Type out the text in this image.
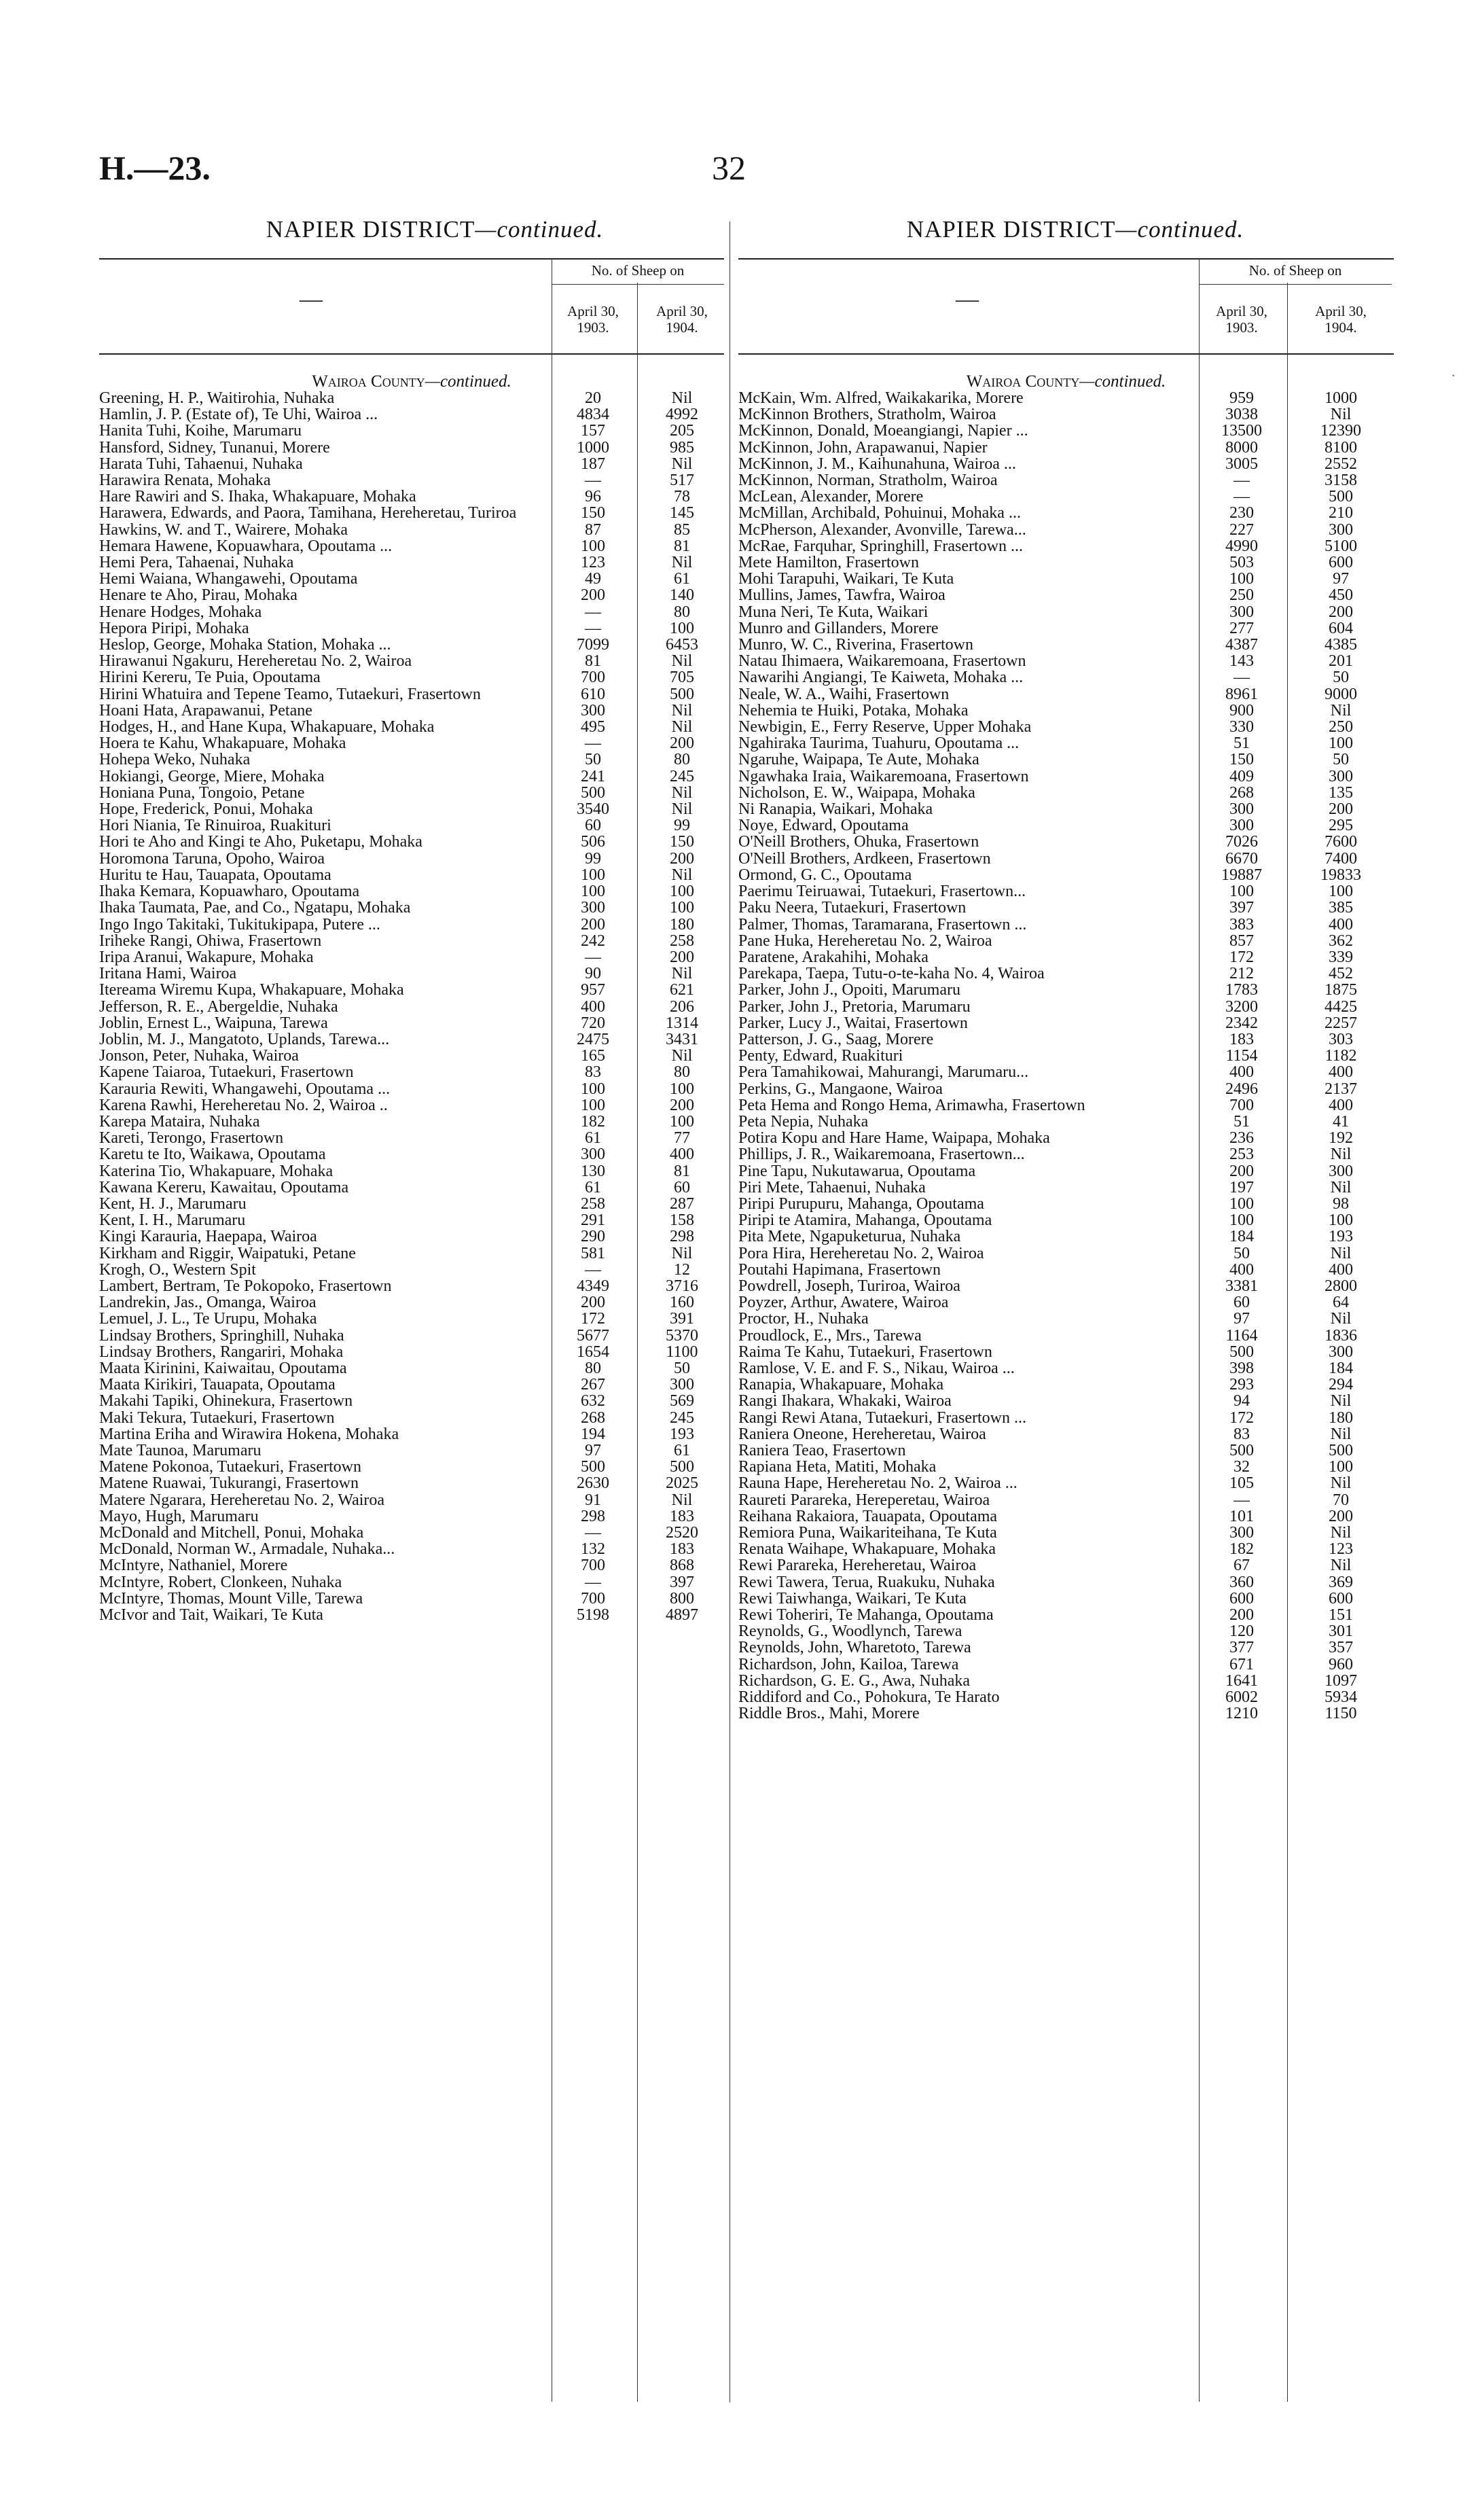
H.—23.	32
NAPIER DISTRICT—continued.	NAPIER DISTRICT—continued.
·
—
No. of Sheep on
April 30,
1903.
April 30,
1904.
Wairoa County—continued.
Greening, H. P., Waitirohia, Nuhaka	20	Nil
Hamlin, J. P. (Estate of), Te Uhi, Wairoa ...	4834	4992
Hanita Tuhi, Koihe, Marumaru	157	205
Hansford, Sidney, Tunanui, Morere	1000	985
Harata Tuhi, Tahaenui, Nuhaka	187	Nil
Harawira Renata, Mohaka	—	517
Hare Rawiri and S. Ihaka, Whakapuare, Mohaka	96	78
Harawera, Edwards, and Paora, Tamihana, Hereheretau, Turiroa	150	145
Hawkins, W. and T., Wairere, Mohaka	87	85
Hemara Hawene, Kopuawhara, Opoutama ...	100	81
Hemi Pera, Tahaenai, Nuhaka	123	Nil
Hemi Waiana, Whangawehi, Opoutama	49	61
Henare te Aho, Pirau, Mohaka	200	140
Henare Hodges, Mohaka	—	80
Hepora Piripi, Mohaka	—	100
Heslop, George, Mohaka Station, Mohaka ...	7099	6453
Hirawanui Ngakuru, Hereheretau No. 2, Wairoa	81	Nil
Hirini Kereru, Te Puia, Opoutama	700	705
Hirini Whatuira and Tepene Teamo, Tutaekuri, Frasertown	610	500
Hoani Hata, Arapawanui, Petane	300	Nil
Hodges, H., and Hane Kupa, Whakapuare, Mohaka	495	Nil
Hoera te Kahu, Whakapuare, Mohaka	—	200
Hohepa Weko, Nuhaka	50	80
Hokiangi, George, Miere, Mohaka	241	245
Honiana Puna, Tongoio, Petane	500	Nil
Hope, Frederick, Ponui, Mohaka	3540	Nil
Hori Niania, Te Rinuiroa, Ruakituri	60	99
Hori te Aho and Kingi te Aho, Puketapu, Mohaka	506	150
Horomona Taruna, Opoho, Wairoa	99	200
Huritu te Hau, Tauapata, Opoutama	100	Nil
Ihaka Kemara, Kopuawharo, Opoutama	100	100
Ihaka Taumata, Pae, and Co., Ngatapu, Mohaka	300	100
Ingo Ingo Takitaki, Tukitukipapa, Putere ...	200	180
Iriheke Rangi, Ohiwa, Frasertown	242	258
Iripa Aranui, Wakapure, Mohaka	—	200
Iritana Hami, Wairoa	90	Nil
Itereama Wiremu Kupa, Whakapuare, Mohaka	957	621
Jefferson, R. E., Abergeldie, Nuhaka	400	206
Joblin, Ernest L., Waipuna, Tarewa	720	1314
Joblin, M. J., Mangatoto, Uplands, Tarewa...	2475	3431
Jonson, Peter, Nuhaka, Wairoa	165	Nil
Kapene Taiaroa, Tutaekuri, Frasertown	83	80
Karauria Rewiti, Whangawehi, Opoutama ...	100	100
Karena Rawhi, Hereheretau No. 2, Wairoa ..	100	200
Karepa Mataira, Nuhaka	182	100
Kareti, Terongo, Frasertown	61	77
Karetu te Ito, Waikawa, Opoutama	300	400
Katerina Tio, Whakapuare, Mohaka	130	81
Kawana Kereru, Kawaitau, Opoutama	61	60
Kent, H. J., Marumaru	258	287
Kent, I. H., Marumaru	291	158
Kingi Karauria, Haepapa, Wairoa	290	298
Kirkham and Riggir, Waipatuki, Petane	581	Nil
Krogh, O., Western Spit	—	12
Lambert, Bertram, Te Pokopoko, Frasertown	4349	3716
Landrekin, Jas., Omanga, Wairoa	200	160
Lemuel, J. L., Te Urupu, Mohaka	172	391
Lindsay Brothers, Springhill, Nuhaka	5677	5370
Lindsay Brothers, Rangariri, Mohaka	1654	1100
Maata Kirinini, Kaiwaitau, Opoutama	80	50
Maata Kirikiri, Tauapata, Opoutama	267	300
Makahi Tapiki, Ohinekura, Frasertown	632	569
Maki Tekura, Tutaekuri, Frasertown	268	245
Martina Eriha and Wirawira Hokena, Mohaka	194	193
Mate Taunoa, Marumaru	97	61
Matene Pokonoa, Tutaekuri, Frasertown	500	500
Matene Ruawai, Tukurangi, Frasertown	2630	2025
Matere Ngarara, Hereheretau No. 2, Wairoa	91	Nil
Mayo, Hugh, Marumaru	298	183
McDonald and Mitchell, Ponui, Mohaka	—	2520
McDonald, Norman W., Armadale, Nuhaka...	132	183
McIntyre, Nathaniel, Morere	700	868
McIntyre, Robert, Clonkeen, Nuhaka	—	397
McIntyre, Thomas, Mount Ville, Tarewa	700	800
McIvor and Tait, Waikari, Te Kuta	5198	4897
—
No. of Sheep on
April 30,
1903.
April 30,
1904.
Wairoa County—continued.
McKain, Wm. Alfred, Waikakarika, Morere	959	1000
McKinnon Brothers, Stratholm, Wairoa	3038	Nil
McKinnon, Donald, Moeangiangi, Napier ...	13500	12390
McKinnon, John, Arapawanui, Napier	8000	8100
McKinnon, J. M., Kaihunahuna, Wairoa ...	3005	2552
McKinnon, Norman, Stratholm, Wairoa	—	3158
McLean, Alexander, Morere	—	500
McMillan, Archibald, Pohuinui, Mohaka ...	230	210
McPherson, Alexander, Avonville, Tarewa...	227	300
McRae, Farquhar, Springhill, Frasertown ...	4990	5100
Mete Hamilton, Frasertown	503	600
Mohi Tarapuhi, Waikari, Te Kuta	100	97
Mullins, James, Tawfra, Wairoa	250	450
Muna Neri, Te Kuta, Waikari	300	200
Munro and Gillanders, Morere	277	604
Munro, W. C., Riverina, Frasertown	4387	4385
Natau Ihimaera, Waikaremoana, Frasertown	143	201
Nawarihi Angiangi, Te Kaiweta, Mohaka ...	—	50
Neale, W. A., Waihi, Frasertown	8961	9000
Nehemia te Huiki, Potaka, Mohaka	900	Nil
Newbigin, E., Ferry Reserve, Upper Mohaka	330	250
Ngahiraka Taurima, Tuahuru, Opoutama ...	51	100
Ngaruhe, Waipapa, Te Aute, Mohaka	150	50
Ngawhaka Iraia, Waikaremoana, Frasertown	409	300
Nicholson, E. W., Waipapa, Mohaka	268	135
Ni Ranapia, Waikari, Mohaka	300	200
Noye, Edward, Opoutama	300	295
O'Neill Brothers, Ohuka, Frasertown	7026	7600
O'Neill Brothers, Ardkeen, Frasertown	6670	7400
Ormond, G. C., Opoutama	19887	19833
Paerimu Teiruawai, Tutaekuri, Frasertown...	100	100
Paku Neera, Tutaekuri, Frasertown	397	385
Palmer, Thomas, Taramarana, Frasertown ...	383	400
Pane Huka, Hereheretau No. 2, Wairoa	857	362
Paratene, Arakahihi, Mohaka	172	339
Parekapa, Taepa, Tutu-o-te-kaha No. 4, Wairoa	212	452
Parker, John J., Opoiti, Marumaru	1783	1875
Parker, John J., Pretoria, Marumaru	3200	4425
Parker, Lucy J., Waitai, Frasertown	2342	2257
Patterson, J. G., Saag, Morere	183	303
Penty, Edward, Ruakituri	1154	1182
Pera Tamahikowai, Mahurangi, Marumaru...	400	400
Perkins, G., Mangaone, Wairoa	2496	2137
Peta Hema and Rongo Hema, Arimawha, Frasertown	700	400
Peta Nepia, Nuhaka	51	41
Potira Kopu and Hare Hame, Waipapa, Mohaka	236	192
Phillips, J. R., Waikaremoana, Frasertown...	253	Nil
Pine Tapu, Nukutawarua, Opoutama	200	300
Piri Mete, Tahaenui, Nuhaka	197	Nil
Piripi Purupuru, Mahanga, Opoutama	100	98
Piripi te Atamira, Mahanga, Opoutama	100	100
Pita Mete, Ngapuketurua, Nuhaka	184	193
Pora Hira, Hereheretau No. 2, Wairoa	50	Nil
Poutahi Hapimana, Frasertown	400	400
Powdrell, Joseph, Turiroa, Wairoa	3381	2800
Poyzer, Arthur, Awatere, Wairoa	60	64
Proctor, H., Nuhaka	97	Nil
Proudlock, E., Mrs., Tarewa	1164	1836
Raima Te Kahu, Tutaekuri, Frasertown	500	300
Ramlose, V. E. and F. S., Nikau, Wairoa ...	398	184
Ranapia, Whakapuare, Mohaka	293	294
Rangi Ihakara, Whakaki, Wairoa	94	Nil
Rangi Rewi Atana, Tutaekuri, Frasertown ...	172	180
Raniera Oneone, Hereheretau, Wairoa	83	Nil
Raniera Teao, Frasertown	500	500
Rapiana Heta, Matiti, Mohaka	32	100
Rauna Hape, Hereheretau No. 2, Wairoa ...	105	Nil
Raureti Parareka, Hereperetau, Wairoa	—	70
Reihana Rakaiora, Tauapata, Opoutama	101	200
Remiora Puna, Waikariteihana, Te Kuta	300	Nil
Renata Waihape, Whakapuare, Mohaka	182	123
Rewi Parareka, Hereheretau, Wairoa	67	Nil
Rewi Tawera, Terua, Ruakuku, Nuhaka	360	369
Rewi Taiwhanga, Waikari, Te Kuta	600	600
Rewi Toheriri, Te Mahanga, Opoutama	200	151
Reynolds, G., Woodlynch, Tarewa	120	301
Reynolds, John, Wharetoto, Tarewa	377	357
Richardson, John, Kailoa, Tarewa	671	960
Richardson, G. E. G., Awa, Nuhaka	1641	1097
Riddiford and Co., Pohokura, Te Harato	6002	5934
Riddle Bros., Mahi, Morere	1210	1150
